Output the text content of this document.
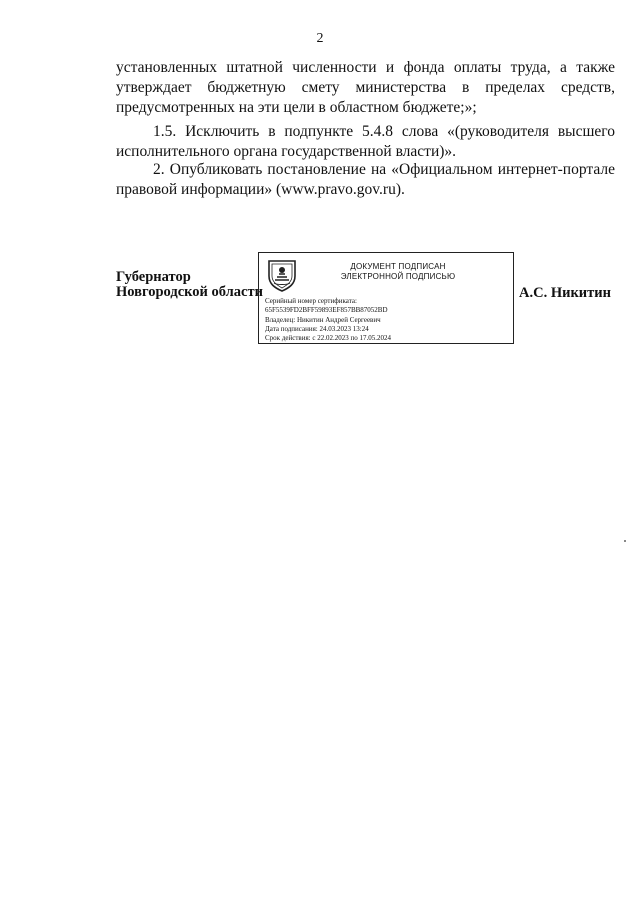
2

установленных штатной численности и фонда оплаты труда, а также
утверждает бюджетную смету министерства в пределах средств,
предусмотренных на эти цели в областном бюджете;»;

1.5. Исключить в подпункте 5.4.8 слова «(руководителя высшего
исполнительного органа государственной власти)».

2. Опубликовать постановление на «Официальном интернет-портале
правовой информации» (www.pravo.gov.ru).

Губернатор
Новгородской области
ДОКУМЕНТ ПОДПИСАН
ЭЛЕКТРОННОЙ ПОДПИСЬЮ
Серийный номер сертификата:
65F5539FD2BFF59893EF857BB87052BD
Владелец: Никитин Андрей Сергеевич
Дата подписания: 24.03.2023 13:24
Срок действия: с 22.02.2023 по 17.05.2024
А.С. Никитин
